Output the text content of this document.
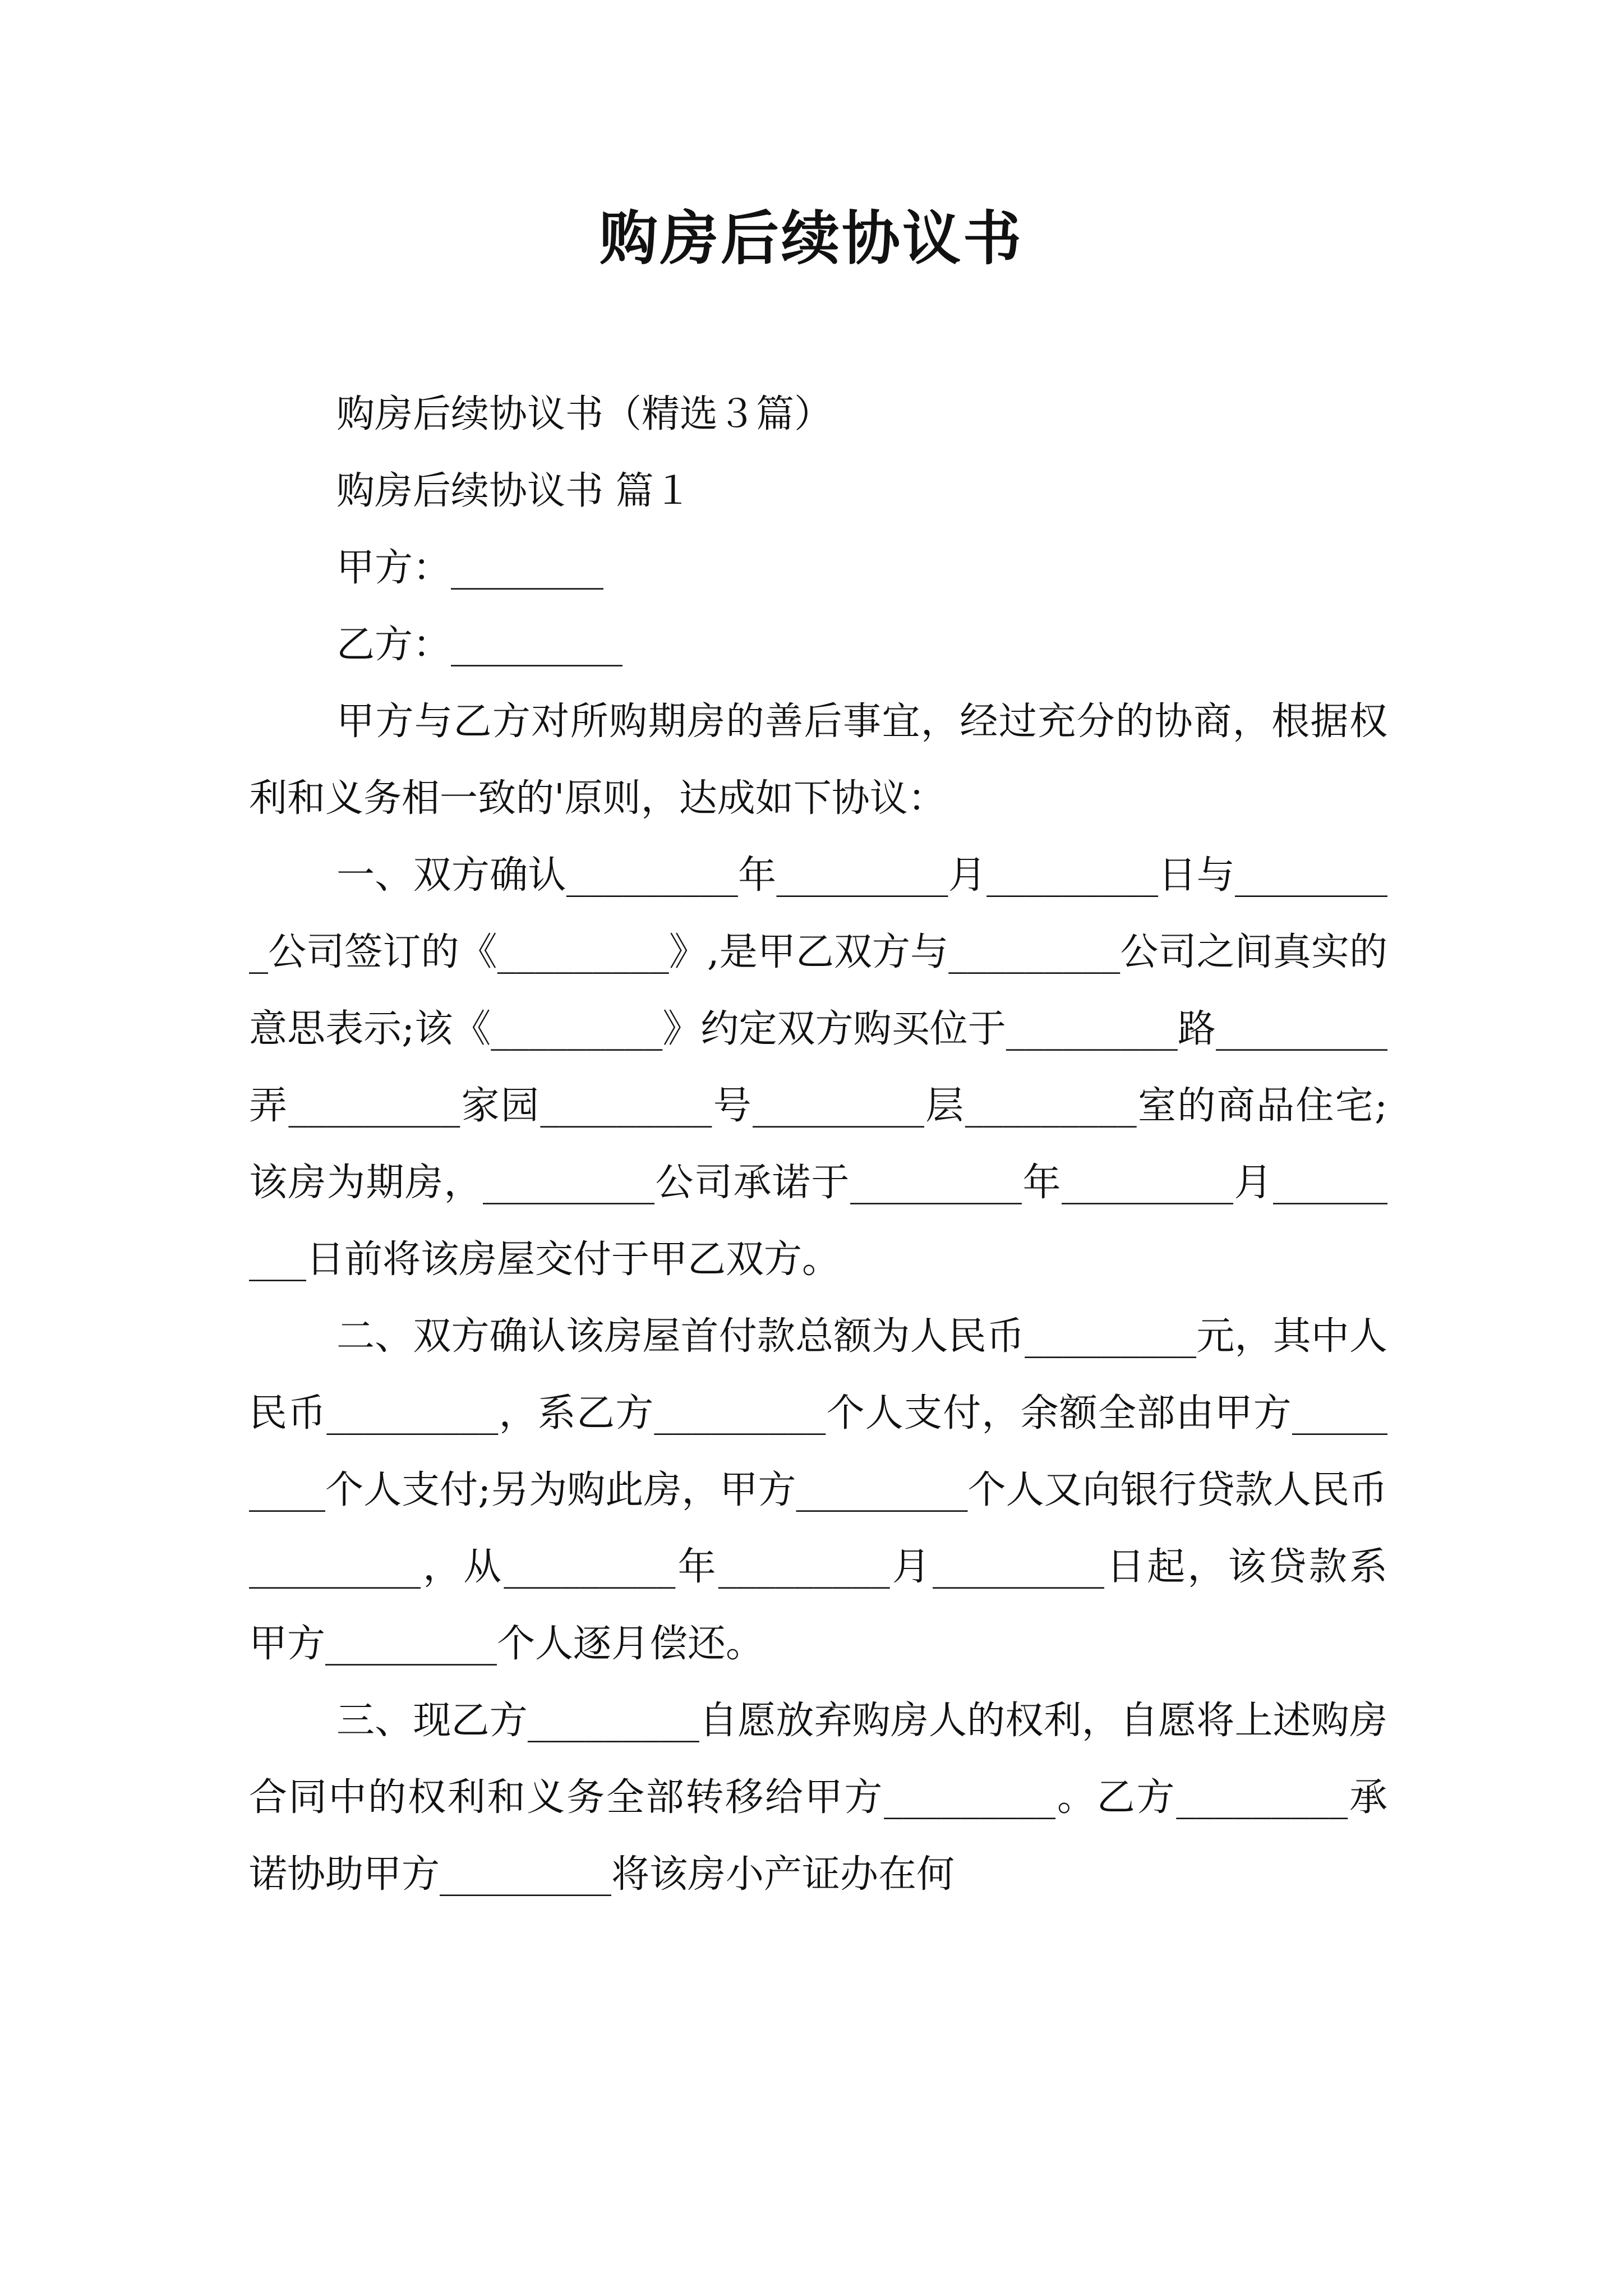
购房后续协议书

购房后续协议书（精选３篇）

购房后续协议书 篇１

甲方：________

乙方：_________

甲方与乙方对所购期房的善后事宜，经过充分的协商，根据权利和义务相一致的'原则，达成如下协议：

一、双方确认_________年_________月_________日与_________公司签订的《_________》,是甲乙双方与_________公司之间真实的意思表示;该《_________》约定双方购买位于_________路_________弄_________家园_________号_________层_________室的商品住宅;该房为期房，_________公司承诺于_________年_________月_________日前将该房屋交付于甲乙双方。

二、双方确认该房屋首付款总额为人民币_________元，其中人民币_________，系乙方_________个人支付，余额全部由甲方_________个人支付;另为购此房，甲方_________个人又向银行贷款人民币_________，从_________年_________月_________日起，该贷款系甲方_________个人逐月偿还。

三、现乙方_________自愿放弃购房人的权利，自愿将上述购房合同中的权利和义务全部转移给甲方_________。乙方_________承诺协助甲方_________将该房小产证办在何
